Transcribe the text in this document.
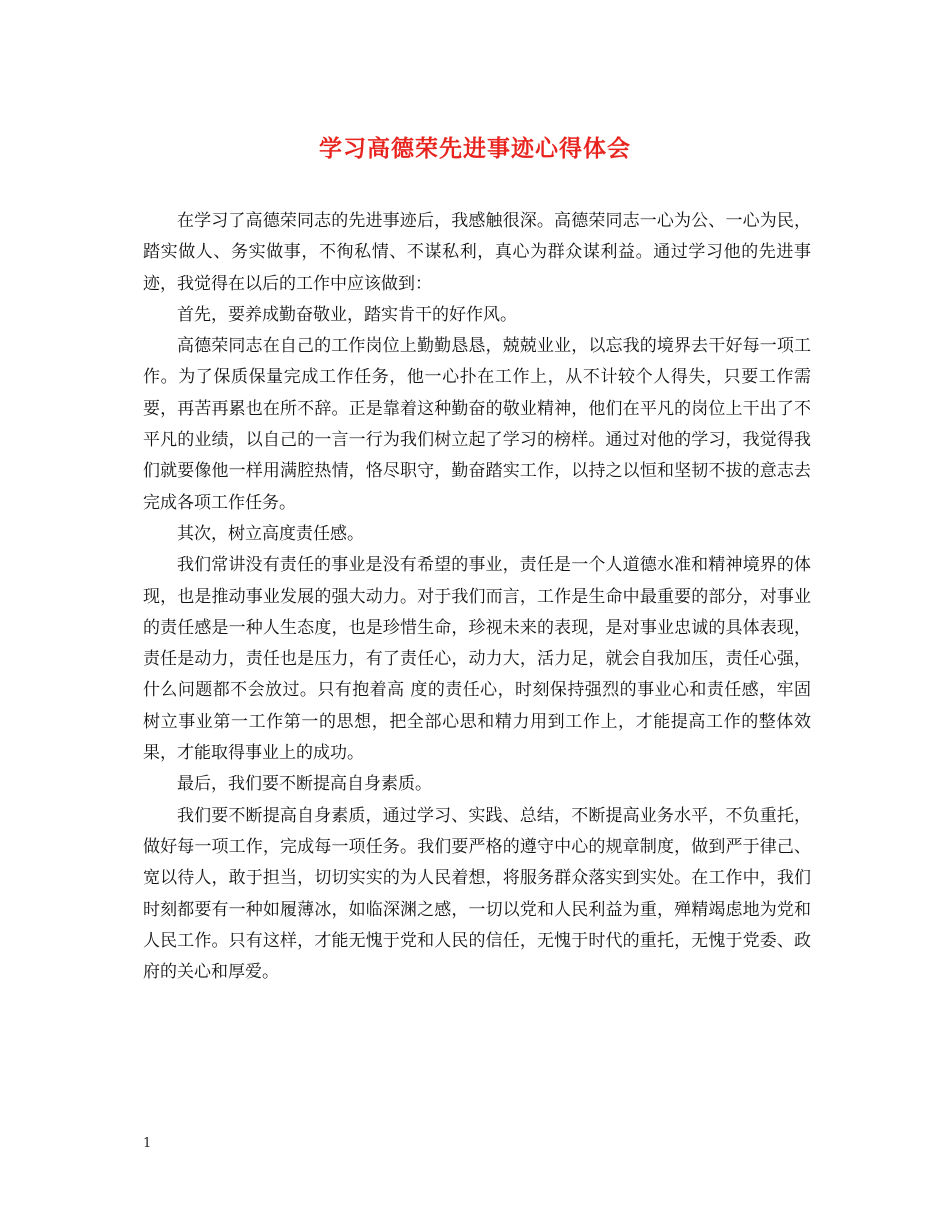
学习高德荣先进事迹心得体会

在学习了高德荣同志的先进事迹后，我感触很深。高德荣同志一心为公、一心为民，踏实做人、务实做事，不徇私情、不谋私利，真心为群众谋利益。通过学习他的先进事迹，我觉得在以后的工作中应该做到：

首先，要养成勤奋敬业，踏实肯干的好作风。

高德荣同志在自己的工作岗位上勤勤恳恳，兢兢业业，以忘我的境界去干好每一项工作。为了保质保量完成工作任务，他一心扑在工作上，从不计较个人得失，只要工作需要，再苦再累也在所不辞。正是靠着这种勤奋的敬业精神，他们在平凡的岗位上干出了不平凡的业绩，以自己的一言一行为我们树立起了学习的榜样。通过对他的学习，我觉得我们就要像他一样用满腔热情，恪尽职守，勤奋踏实工作，以持之以恒和坚韧不拔的意志去完成各项工作任务。

其次，树立高度责任感。

我们常讲没有责任的事业是没有希望的事业，责任是一个人道德水准和精神境界的体现，也是推动事业发展的强大动力。对于我们而言，工作是生命中最重要的部分，对事业的责任感是一种人生态度，也是珍惜生命，珍视未来的表现，是对事业忠诚的具体表现，责任是动力，责任也是压力，有了责任心，动力大，活力足，就会自我加压，责任心强，什么问题都不会放过。只有抱着高 度的责任心，时刻保持强烈的事业心和责任感，牢固树立事业第一工作第一的思想，把全部心思和精力用到工作上，才能提高工作的整体效果，才能取得事业上的成功。

最后，我们要不断提高自身素质。

我们要不断提高自身素质，通过学习、实践、总结，不断提高业务水平，不负重托，做好每一项工作，完成每一项任务。我们要严格的遵守中心的规章制度，做到严于律己、宽以待人，敢于担当，切切实实的为人民着想，将服务群众落实到实处。在工作中，我们时刻都要有一种如履薄冰，如临深渊之感，一切以党和人民利益为重，殚精竭虑地为党和人民工作。只有这样，才能无愧于党和人民的信任，无愧于时代的重托，无愧于党委、政府的关心和厚爱。

1
